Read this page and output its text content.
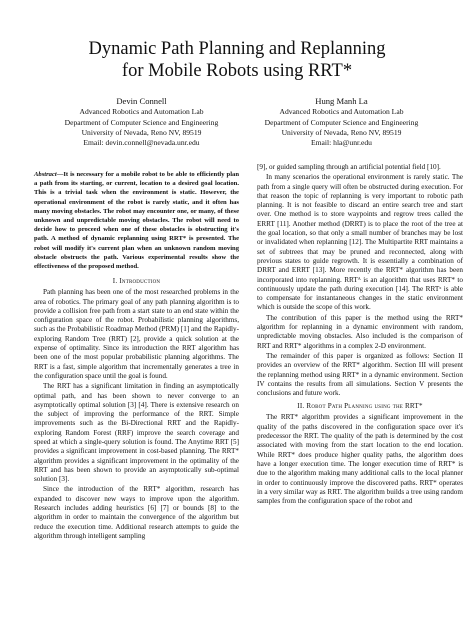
Dynamic Path Planning and Replanning
for Mobile Robots using RRT*
Devin Connell
Advanced Robotics and Automation Lab
Department of Computer Science and Engineering
University of Nevada, Reno NV, 89519
Email: devin.connell@nevada.unr.edu
Hung Manh La
Advanced Robotics and Automation Lab
Department of Computer Science and Engineering
University of Nevada, Reno NV, 89519
Email: hla@unr.edu

Abstract—It is necessary for a mobile robot to be able to efficiently plan a path from its starting, or current, location to a desired goal location. This is a trivial task when the environment is static. However, the operational environment of the robot is rarely static, and it often has many moving obstacles. The robot may encounter one, or many, of these unknown and unpredictable moving obstacles. The robot will need to decide how to proceed when one of these obstacles is obstructing it's path. A method of dynamic replanning using RRT* is presented. The robot will modify it's current plan when an unknown random moving obstacle obstructs the path. Various experimental results show the effectiveness of the proposed method.

I. Introduction

Path planning has been one of the most researched problems in the area of robotics. The primary goal of any path planning algorithm is to provide a collision free path from a start state to an end state within the configuration space of the robot. Probabilistic planning algorithms, such as the Probabilistic Roadmap Method (PRM) [1] and the Rapidly-exploring Random Tree (RRT) [2], provide a quick solution at the expense of optimality. Since its introduction the RRT algorithm has been one of the most popular probabilistic planning algorithms. The RRT is a fast, simple algorithm that incrementally generates a tree in the configuration space until the goal is found.

The RRT has a significant limitation in finding an asymptotically optimal path, and has been shown to never converge to an asymptotically optimal solution [3] [4]. There is extensive research on the subject of improving the performance of the RRT. Simple improvements such as the Bi-Directional RRT and the Rapidly-exploring Random Forest (RRF) improve the search coverage and speed at which a single-query solution is found. The Anytime RRT [5] provides a significant improvement in cost-based planning. The RRT* algorithm provides a significant improvement in the optimality of the RRT and has been shown to provide an asymptotically sub-optimal solution [3].

Since the introduction of the RRT* algorithm, research has expanded to discover new ways to improve upon the algorithm. Research includes adding heuristics [6] [7] or bounds [8] to the algorithm in order to maintain the convergence of the algorithm but reduce the execution time. Additional research attempts to guide the algorithm through intelligent sampling

[9], or guided sampling through an artificial potential field [10].

In many scenarios the operational environment is rarely static. The path from a single query will often be obstructed during execution. For that reason the topic of replanning is very important to robotic path planning. It is not feasible to discard an entire search tree and start over. One method is to store waypoints and regrow trees called the ERRT [11]. Another method (DRRT) is to place the root of the tree at the goal location, so that only a small number of branches may be lost or invalidated when replanning [12]. The Multipartite RRT maintains a set of subtrees that may be pruned and reconnected, along with previous states to guide regrowth. It is essentially a combination of DRRT and ERRT [13]. More recently the RRT* algorithm has been incorporated into replanning. RRTᴬ is an algorithm that uses RRT* to continuously update the path during execution [14]. The RRTˣ is able to compensate for instantaneous changes in the static environment which is outside the scope of this work.

The contribution of this paper is the method using the RRT* algorithm for replanning in a dynamic environment with random, unpredictable moving obstacles. Also included is the comparison of RRT and RRT* algorithms in a complex 2-D environment.

The remainder of this paper is organized as follows: Section II provides an overview of the RRT* algorithm. Section III will present the replanning method using RRT* in a dynamic environment. Section IV contains the results from all simulations. Section V presents the conclusions and future work.

II. Robot Path Planning using the RRT*

The RRT* algorithm provides a significant improvement in the quality of the paths discovered in the configuration space over it's predecessor the RRT. The quality of the path is determined by the cost associated with moving from the start location to the end location. While RRT* does produce higher quality paths, the algorithm does have a longer execution time. The longer execution time of RRT* is due to the algorithm making many additional calls to the local planner in order to continuously improve the discovered paths. RRT* operates in a very similar way as RRT. The algorithm builds a tree using random samples from the configuration space of the robot and
